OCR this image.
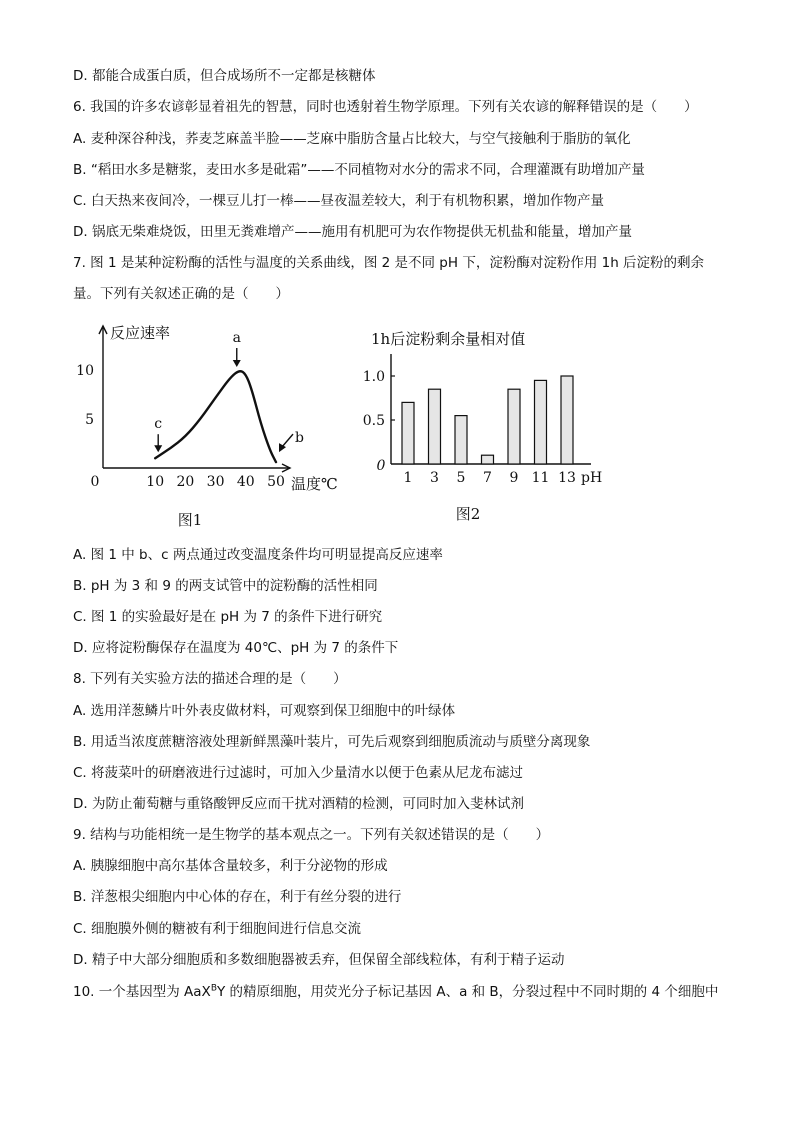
D. 都能合成蛋白质，但合成场所不一定都是核糖体
6. 我国的许多农谚彰显着祖先的智慧，同时也透射着生物学原理。下列有关农谚的解释错误的是（　　）
A. 麦种深谷种浅，荞麦芝麻盖半脸——芝麻中脂肪含量占比较大，与空气接触利于脂肪的氧化
B. “稻田水多是糖浆，麦田水多是砒霜”——不同植物对水分的需求不同，合理灌溉有助增加产量
C. 白天热来夜间冷，一棵豆儿打一棒——昼夜温差较大，利于有机物积累，增加作物产量
D. 锅底无柴难烧饭，田里无粪难增产——施用有机肥可为农作物提供无机盐和能量，增加产量
7. 图 1 是某种淀粉酶的活性与温度的关系曲线，图 2 是不同 pH 下，淀粉酶对淀粉作用 1h 后淀粉的剩余
量。下列有关叙述正确的是（　　）
A. 图 1 中 b、c 两点通过改变温度条件均可明显提高反应速率
B. pH 为 3 和 9 的两支试管中的淀粉酶的活性相同
C. 图 1 的实验最好是在 pH 为 7 的条件下进行研究
D. 应将淀粉酶保存在温度为 40℃、pH 为 7 的条件下
8. 下列有关实验方法的描述合理的是（　　）
A. 选用洋葱鳞片叶外表皮做材料，可观察到保卫细胞中的叶绿体
B. 用适当浓度蔗糖溶液处理新鲜黑藻叶装片，可先后观察到细胞质流动与质壁分离现象
C. 将菠菜叶的研磨液进行过滤时，可加入少量清水以便于色素从尼龙布滤过
D. 为防止葡萄糖与重铬酸钾反应而干扰对酒精的检测，可同时加入斐林试剂
9. 结构与功能相统一是生物学的基本观点之一。下列有关叙述错误的是（　　）
A. 胰腺细胞中高尔基体含量较多，利于分泌物的形成
B. 洋葱根尖细胞内中心体的存在，利于有丝分裂的进行
C. 细胞膜外侧的糖被有利于细胞间进行信息交流
D. 精子中大部分细胞质和多数细胞器被丢弃，但保留全部线粒体，有利于精子运动
10. 一个基因型为 AaX$^B$Y 的精原细胞，用荧光分子标记基因 A、a 和 B，分裂过程中不同时期的 4 个细胞中
反应速率
温度℃
0	10 20 30 40 50
5
10
图1
a
c
b
1h后淀粉剩余量相对值
0
0.5
1.0
1 3 5 7 9 11 13 pH
图2
